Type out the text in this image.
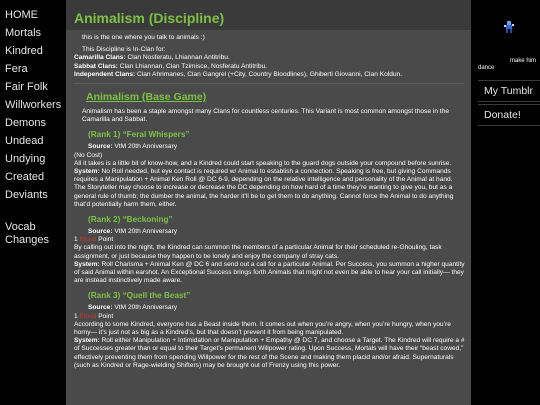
HOME
Mortals
Kindred
Fera
Fair Folk
Willworkers
Demons
Undead
Undying
Created
Deviants
Vocab
Changes
Animalism (Discipline)

this is the one where you talk to animals :)

This Discipline is In-Clan for:

Camarilla Clans: Clan Nosferatu, Lhiannan Antitribu.

Sabbat Clans: Clan Lhiannan, Clan Tzimisce, Nosferatu Antitribu.

Independent Clans: Clan Ahrimanes, Clan Gangrel (+City, Country Bloodlines), Ghiberti Giovanni, Clan Koldun.

Animalism (Base Game)

Animalism has been a staple amongst many Clans for countless centuries. This Variant is most common amongst those in the Camarilla and Sabbat.

(Rank 1) “Feral Whispers”

Source: VtM 20th Anniversary

(No Cost)

All it takes is a little bit of know-how, and a Kindred could start speaking to the guard dogs outside your compound before sunrise.

System: No Roll needed, but eye contact is required w/ Animal to establish a connection. Speaking is free, but giving Commands requires a Manipulation + Animal Ken Roll @ DC 6-9, depending on the relative intelligence and personality of the Animal at hand. The Storyteller may choose to increase or decrease the DC depending on how hard of a time they’re wanting to give you, but as a general rule of thumb; the dumber the animal, the harder it’ll be to get them to do anything. Cannot force the Animal to do anything that’d potentially harm them, either.

(Rank 2) “Beckoning”

Source: VtM 20th Anniversary

1 Blood Point

By calling out into the night, the Kindred can summon the members of a particular Animal for their scheduled re-Ghouling, task assignment, or just because they happen to be lonely and enjoy the company of stray cats.

System: Roll Charisma + Animal Ken @ DC 6 and send out a call for a particular Animal. Per Success, you summon a higher quantity of said Animal within earshot. An Exceptional Success brings forth Animals that might not even be able to hear your call initially— they are instead instinctively made aware.

(Rank 3) “Quell the Beast”

Source: VtM 20th Anniversary

1 Blood Point

According to some Kindred, everyone has a Beast inside them. It comes out when you’re angry, when you’re hungry, when you’re horny— it’s just not as big as a Kindred’s, but that doesn’t prevent it from being manipulated.

System: Roll either Manipulation + Intimidation or Manipulation + Empathy @ DC 7, and choose a Target. The Kindred will require a # of Successes greater than or equal to their Target’s permanent Willpower rating. Upon Success, Mortals will have their “beast cowed,” effectively preventing them from spending Willpower for the rest of the Scene and making them placid and/or afraid. Supernaturals (such as Kindred or Rage-wielding Shifters) may be brought out of Frenzy using this power.

make him
dance
My Tumblr
Donate!
